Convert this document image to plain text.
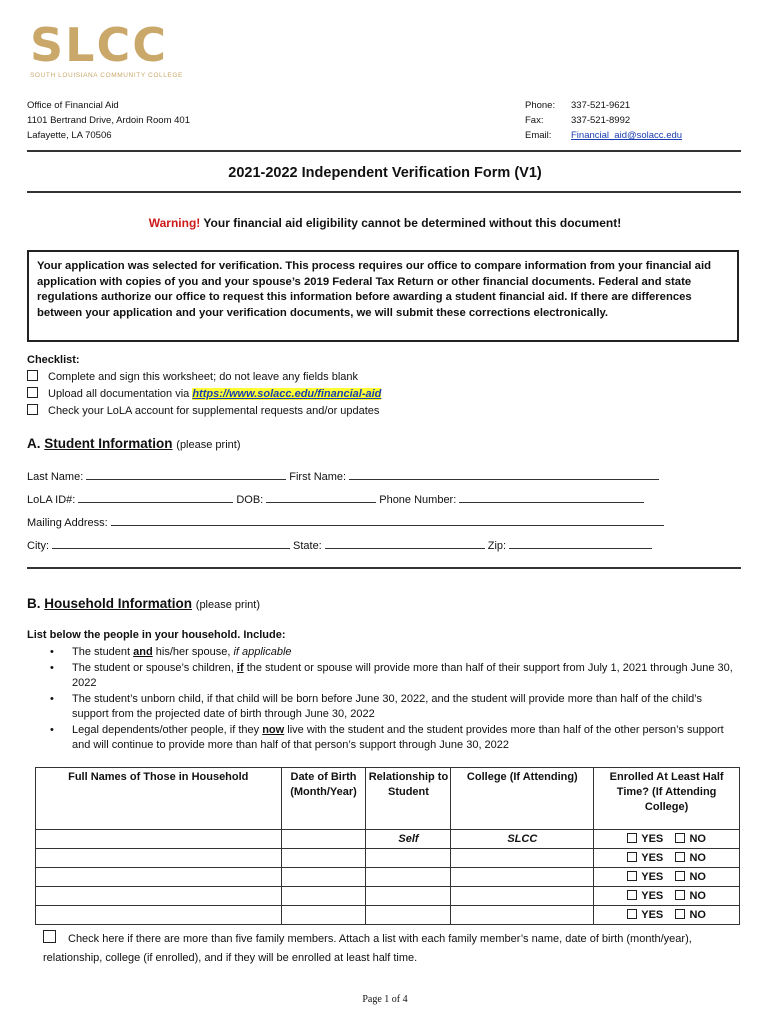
SLCC
SOUTH LOUISIANA COMMUNITY COLLEGE
Office of Financial Aid
1101 Bertrand Drive, Ardoin Room 401
Lafayette, LA 70506
Phone:	337-521-9621
Fax:	337-521-8992
Email:	Financial_aid@solacc.edu
2021-2022 Independent Verification Form (V1)
Warning! Your financial aid eligibility cannot be determined without this document!
Your application was selected for verification. This process requires our office to compare information from your financial aid application with copies of you and your spouse’s 2019 Federal Tax Return or other financial documents. Federal and state regulations authorize our office to request this information before awarding a student financial aid. If there are differences between your application and your verification documents, we will submit these corrections electronically.
Checklist:
Complete and sign this worksheet; do not leave any fields blank
Upload all documentation via https://www.solacc.edu/financial-aid
Check your LoLA account for supplemental requests and/or updates
A. Student Information (please print)
Last Name:	First Name:
LoLA ID#:	DOB:	Phone Number:
Mailing Address:
City:	State:	Zip:
B. Household Information (please print)
List below the people in your household. Include:
•	The student and his/her spouse, if applicable
•	The student or spouse’s children, if the student or spouse will provide more than half of their support from July 1, 2021 through June 30, 2022
•	The student’s unborn child, if that child will be born before June 30, 2022, and the student will provide more than half of the child’s support from the projected date of birth through June 30, 2022
•	Legal dependents/other people, if they now live with the student and the student provides more than half of the other person’s support and will continue to provide more than half of that person’s support through June 30, 2022
Full Names of Those in Household	Date of Birth (Month/Year)	Relationship to Student	College (If Attending)	Enrolled At Least Half Time? (If Attending College)
		Self	SLCC	YES NO
				YES NO
				YES NO
				YES NO
				YES NO
Check here if there are more than five family members. Attach a list with each family member’s name, date of birth (month/year), relationship, college (if enrolled), and if they will be enrolled at least half time.
Page 1 of 4
